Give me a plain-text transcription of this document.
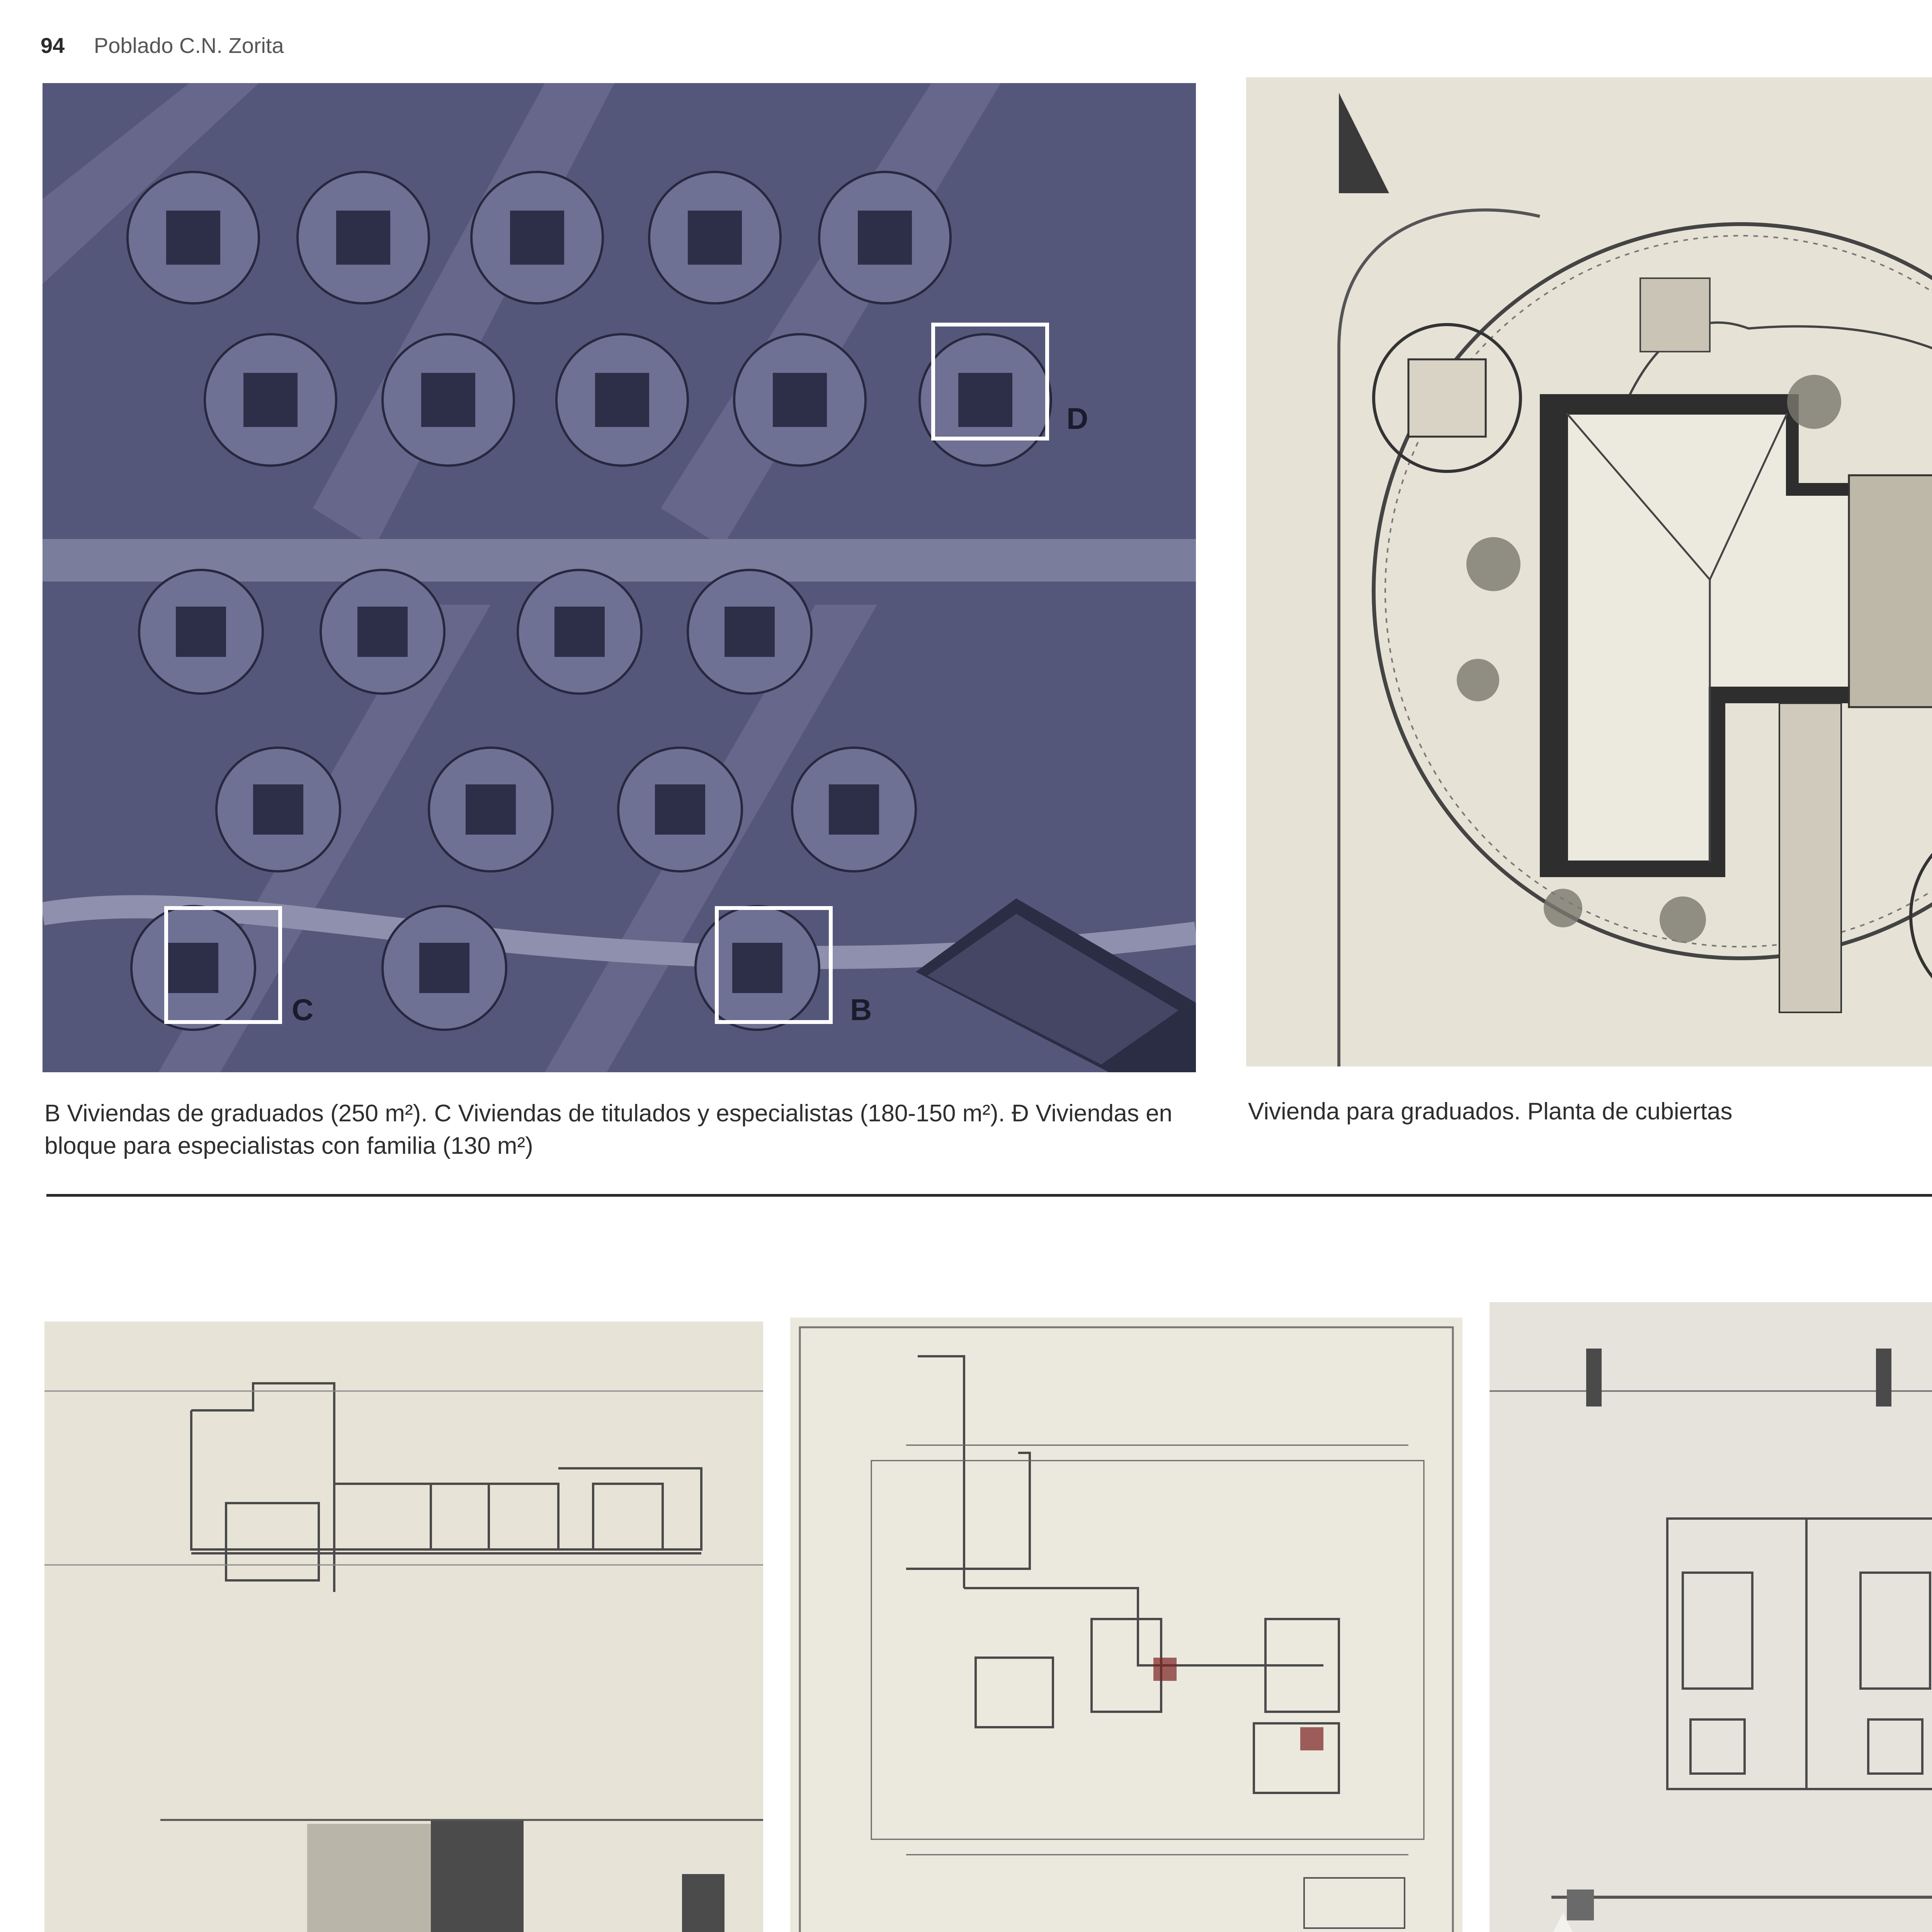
94 Poblado C.N. Zorita
D
C	B
B Viviendas de graduados (250 m²). C Viviendas de titulados y especialistas (180-150 m²). Ð Viviendas en bloque para especialistas con familia (130 m²)
Vivienda para graduados. Planta de cubiertas
